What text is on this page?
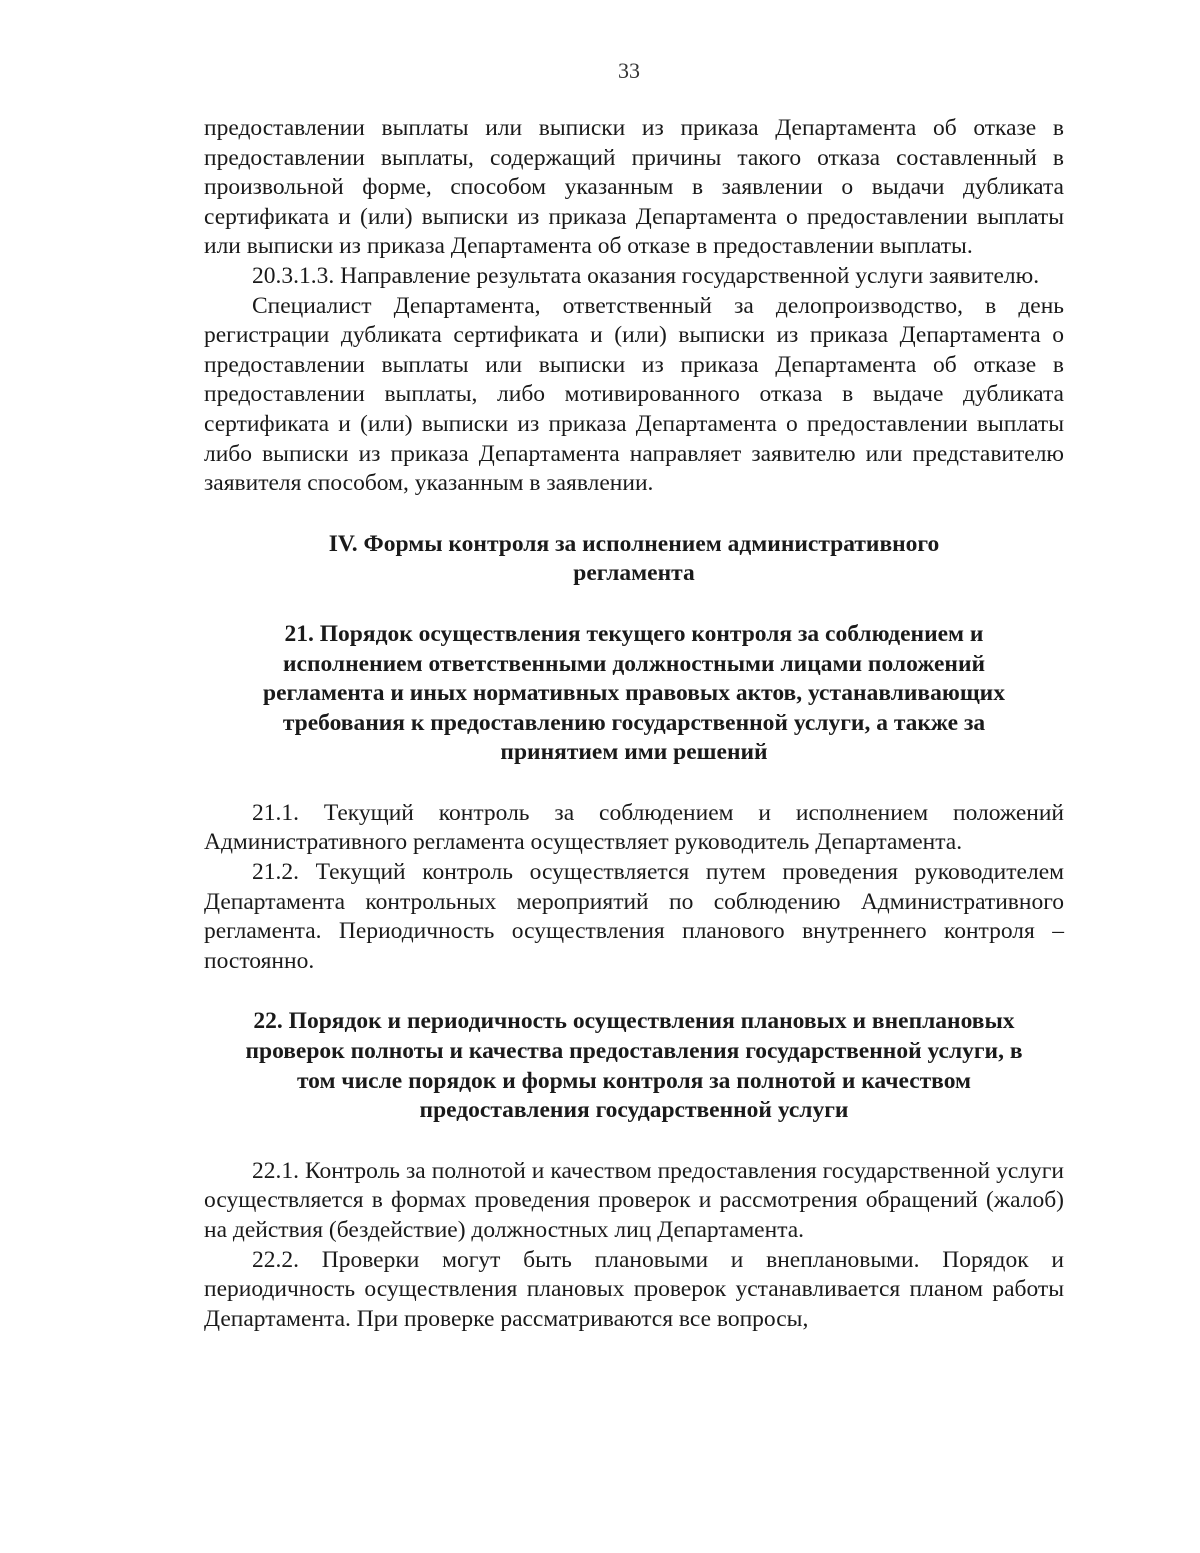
33

предоставлении выплаты или выписки из приказа Департамента об отказе в предоставлении выплаты, содержащий причины такого отказа составленный в произвольной форме, способом указанным в заявлении о выдачи дубликата сертификата и (или) выписки из приказа Департамента о предоставлении выплаты или выписки из приказа Департамента об отказе в предоставлении выплаты.

20.3.1.3. Направление результата оказания государственной услуги заявителю.

Специалист Департамента, ответственный за делопроизводство, в день регистрации дубликата сертификата и (или) выписки из приказа Департамента о предоставлении выплаты или выписки из приказа Департамента об отказе в предоставлении выплаты, либо мотивированного отказа в выдаче дубликата сертификата и (или) выписки из приказа Департамента о предоставлении выплаты либо выписки из приказа Департамента направляет заявителю или представителю заявителя способом, указанным в заявлении.

IV. Формы контроля за исполнением административного
регламента
21. Порядок осуществления текущего контроля за соблюдением и
исполнением ответственными должностными лицами положений
регламента и иных нормативных правовых актов, устанавливающих
требования к предоставлению государственной услуги, а также за
принятием ими решений

21.1. Текущий контроль за соблюдением и исполнением положений Административного регламента осуществляет руководитель Департамента.

21.2. Текущий контроль осуществляется путем проведения руководителем Департамента контрольных мероприятий по соблюдению Административного регламента. Периодичность осуществления планового внутреннего контроля – постоянно.

22. Порядок и периодичность осуществления плановых и внеплановых
проверок полноты и качества предоставления государственной услуги, в
том числе порядок и формы контроля за полнотой и качеством
предоставления государственной услуги

22.1. Контроль за полнотой и качеством предоставления государственной услуги осуществляется в формах проведения проверок и рассмотрения обращений (жалоб) на действия (бездействие) должностных лиц Департамента.

22.2. Проверки могут быть плановыми и внеплановыми. Порядок и периодичность осуществления плановых проверок устанавливается планом работы Департамента. При проверке рассматриваются все вопросы,
